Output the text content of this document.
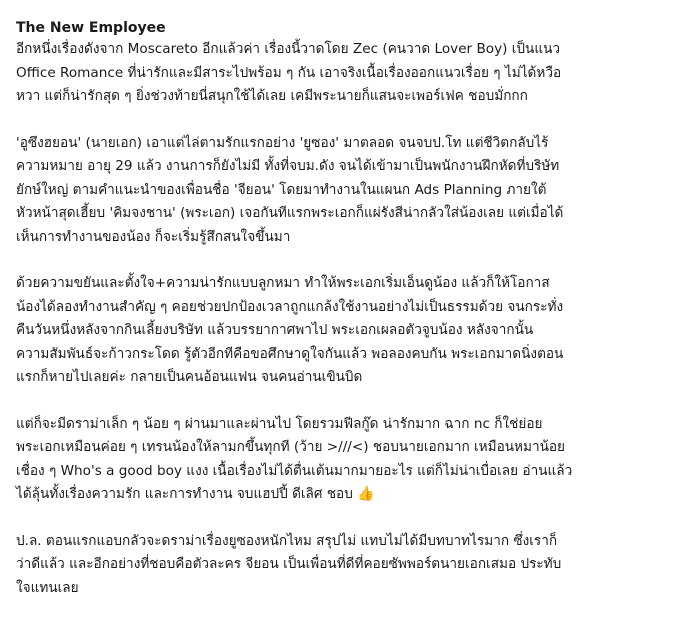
The New Employee

อีกหนึ่งเรื่องดังจาก Moscareto อีกแล้วค่า เรื่องนี้วาดโดย Zec (คนวาด Lover Boy) เป็นแนว
Office Romance ที่น่ารักและมีสาระไปพร้อม ๆ กัน เอาจริงเนื้อเรื่องออกแนวเรื่อย ๆ ไม่ได้หวือ
หวา แต่ก็น่ารักสุด ๆ ยิ่งช่วงท้ายนี่สนุกใช้ได้เลย เคมีพระนายก็แสนจะเพอร์เฟค ชอบมั่กกก

'อูซึงฮยอน' (นายเอก) เอาแต่ไล่ตามรักแรกอย่าง 'ยูซอง' มาตลอด จนจบป.โท แต่ชีวิตกลับไร้
ความหมาย อายุ 29 แล้ว งานการก็ยังไม่มี ทั้งที่จบม.ดัง จนได้เข้ามาเป็นพนักงานฝึกหัดที่บริษัท
ยักษ์ใหญ่ ตามคำแนะนำของเพื่อนชื่อ 'จียอน' โดยมาทำงานในแผนก Ads Planning ภายใต้
หัวหน้าสุดเฮี้ยบ 'คิมจงชาน' (พระเอก) เจอกันทีแรกพระเอกก็แผ่รังสีน่ากลัวใส่น้องเลย แต่เมื่อได้
เห็นการทำงานของน้อง ก็จะเริ่มรู้สึกสนใจขึ้นมา

ด้วยความขยันและตั้งใจ+ความน่ารักแบบลูกหมา ทำให้พระเอกเริ่มเอ็นดูน้อง แล้วก็ให้โอกาส
น้องได้ลองทำงานสำคัญ ๆ คอยช่วยปกป้องเวลาถูกแกล้งใช้งานอย่างไม่เป็นธรรมด้วย จนกระทั่ง
คืนวันหนึ่งหลังจากกินเลี้ยงบริษัท แล้วบรรยากาศพาไป พระเอกเผลอตัวจูบน้อง หลังจากนั้น
ความสัมพันธ์จะก้าวกระโดด รู้ตัวอีกทีคือขอศึกษาดูใจกันแล้ว พอลองคบกัน พระเอกมาดนิ่งตอน
แรกก็หายไปเลยค่ะ กลายเป็นคนอ้อนแฟน จนคนอ่านเขินบิด

แต่ก็จะมีดราม่าเล็ก ๆ น้อย ๆ ผ่านมาและผ่านไป โดยรวมฟีลกู๊ด น่ารักมาก ฉาก nc ก็ใช่ย่อย
พระเอกเหมือนค่อย ๆ เทรนน้องให้ลามกขึ้นทุกที (ว้าย >///<) ชอบนายเอกมาก เหมือนหมาน้อย
เชื่อง ๆ Who's a good boy แงง เนื้อเรื่องไม่ได้ตื่นเต้นมากมายอะไร แต่ก็ไม่น่าเบื่อเลย อ่านแล้ว
ได้ลุ้นทั้งเรื่องความรัก และการทำงาน จบแฮปปี้ ดีเลิศ ชอบ 👍

ป.ล. ตอนแรกแอบกลัวจะดราม่าเรื่องยูซองหนักไหม สรุปไม่ แทบไม่ได้มีบทบาทไรมาก ซึ่งเราก็
ว่าดีแล้ว และอีกอย่างที่ชอบคือตัวละคร จียอน เป็นเพื่อนที่ดีที่คอยซัพพอร์ตนายเอกเสมอ ประทับ
ใจแทนเลย
